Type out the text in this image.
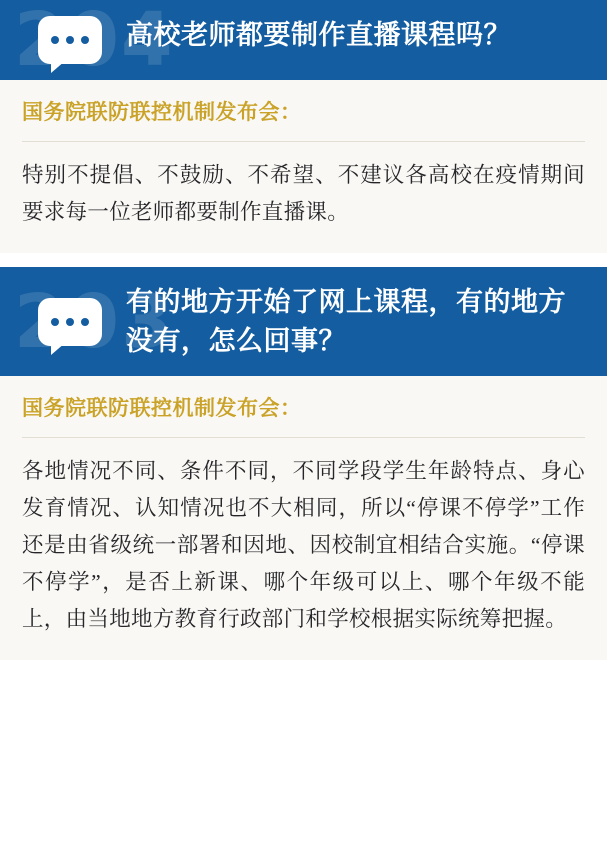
高校老师都要制作直播课程吗？
国务院联防联控机制发布会：
特别不提倡、不鼓励、不希望、不建议各高校在疫情期间要求每一位老师都要制作直播课。
有的地方开始了网上课程，有的地方没有，怎么回事？
国务院联防联控机制发布会：
各地情况不同、条件不同，不同学段学生年龄特点、身心发育情况、认知情况也不大相同，所以“停课不停学”工作还是由省级统一部署和因地、因校制宜相结合实施。“停课不停学”，是否上新课、哪个年级可以上、哪个年级不能上，由当地地方教育行政部门和学校根据实际统筹把握。
